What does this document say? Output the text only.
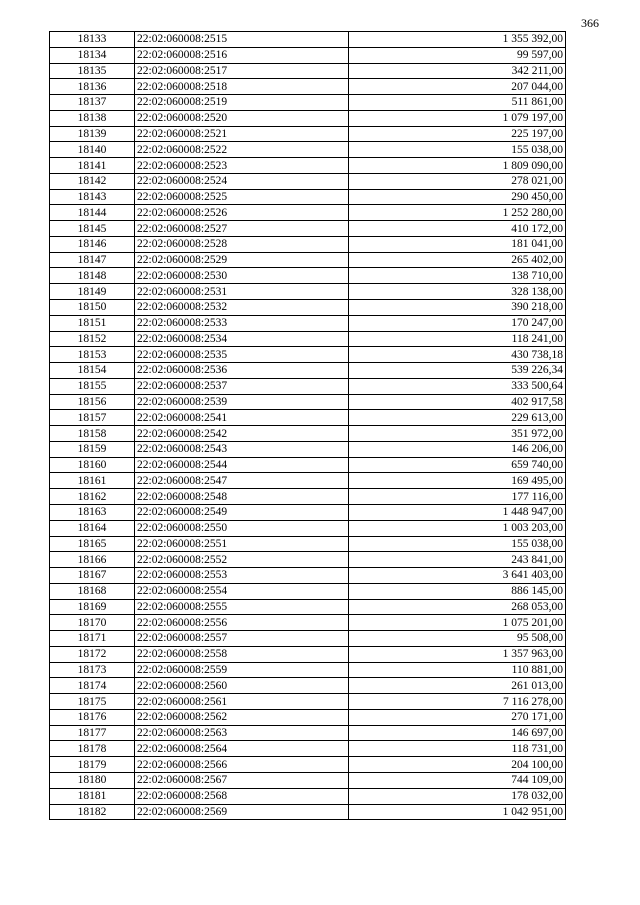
366
18133	22:02:060008:2515	1 355 392,00
18134	22:02:060008:2516	99 597,00
18135	22:02:060008:2517	342 211,00
18136	22:02:060008:2518	207 044,00
18137	22:02:060008:2519	511 861,00
18138	22:02:060008:2520	1 079 197,00
18139	22:02:060008:2521	225 197,00
18140	22:02:060008:2522	155 038,00
18141	22:02:060008:2523	1 809 090,00
18142	22:02:060008:2524	278 021,00
18143	22:02:060008:2525	290 450,00
18144	22:02:060008:2526	1 252 280,00
18145	22:02:060008:2527	410 172,00
18146	22:02:060008:2528	181 041,00
18147	22:02:060008:2529	265 402,00
18148	22:02:060008:2530	138 710,00
18149	22:02:060008:2531	328 138,00
18150	22:02:060008:2532	390 218,00
18151	22:02:060008:2533	170 247,00
18152	22:02:060008:2534	118 241,00
18153	22:02:060008:2535	430 738,18
18154	22:02:060008:2536	539 226,34
18155	22:02:060008:2537	333 500,64
18156	22:02:060008:2539	402 917,58
18157	22:02:060008:2541	229 613,00
18158	22:02:060008:2542	351 972,00
18159	22:02:060008:2543	146 206,00
18160	22:02:060008:2544	659 740,00
18161	22:02:060008:2547	169 495,00
18162	22:02:060008:2548	177 116,00
18163	22:02:060008:2549	1 448 947,00
18164	22:02:060008:2550	1 003 203,00
18165	22:02:060008:2551	155 038,00
18166	22:02:060008:2552	243 841,00
18167	22:02:060008:2553	3 641 403,00
18168	22:02:060008:2554	886 145,00
18169	22:02:060008:2555	268 053,00
18170	22:02:060008:2556	1 075 201,00
18171	22:02:060008:2557	95 508,00
18172	22:02:060008:2558	1 357 963,00
18173	22:02:060008:2559	110 881,00
18174	22:02:060008:2560	261 013,00
18175	22:02:060008:2561	7 116 278,00
18176	22:02:060008:2562	270 171,00
18177	22:02:060008:2563	146 697,00
18178	22:02:060008:2564	118 731,00
18179	22:02:060008:2566	204 100,00
18180	22:02:060008:2567	744 109,00
18181	22:02:060008:2568	178 032,00
18182	22:02:060008:2569	1 042 951,00
